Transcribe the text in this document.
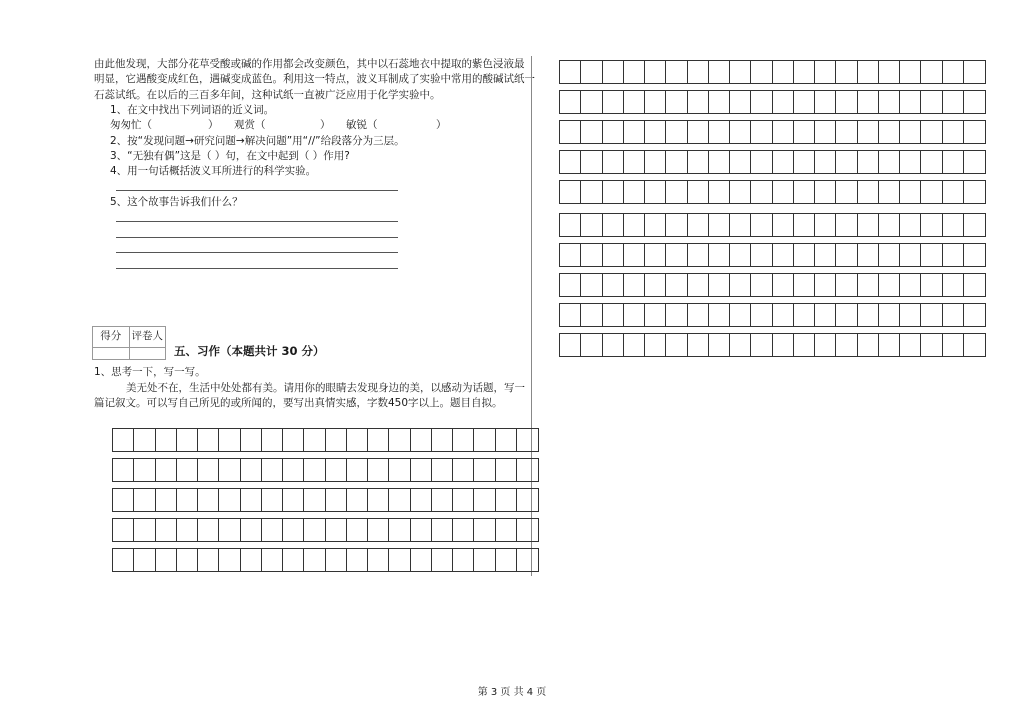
由此他发现，大部分花草受酸或碱的作用都会改变颜色，其中以石蕊地衣中提取的紫色浸液最
明显，它遇酸变成红色，遇碱变成蓝色。利用这一特点，波义耳制成了实验中常用的酸碱试纸一
石蕊试纸。在以后的三百多年间，这种试纸一直被广泛应用于化学实验中。
1、在文中找出下列词语的近义词。
匆匆忙（	） 观赏（	） 敏锐（	）
2、按“发现问题→研究问题→解决问题”用“//”给段落分为三层。
3、“无独有偶”这是（ ）句，在文中起到（ ）作用?
4、用一句话概括波义耳所进行的科学实验。
5、这个故事告诉我们什么？
得分 评卷人
五、习作（本题共计 30 分）
1、思考一下，写一写。
美无处不在，生活中处处都有美。请用你的眼睛去发现身边的美，以感动为话题，写一
篇记叙文。可以写自己所见的或所闻的，要写出真情实感，字数450字以上。题目自拟。
第 3 页 共 4 页
